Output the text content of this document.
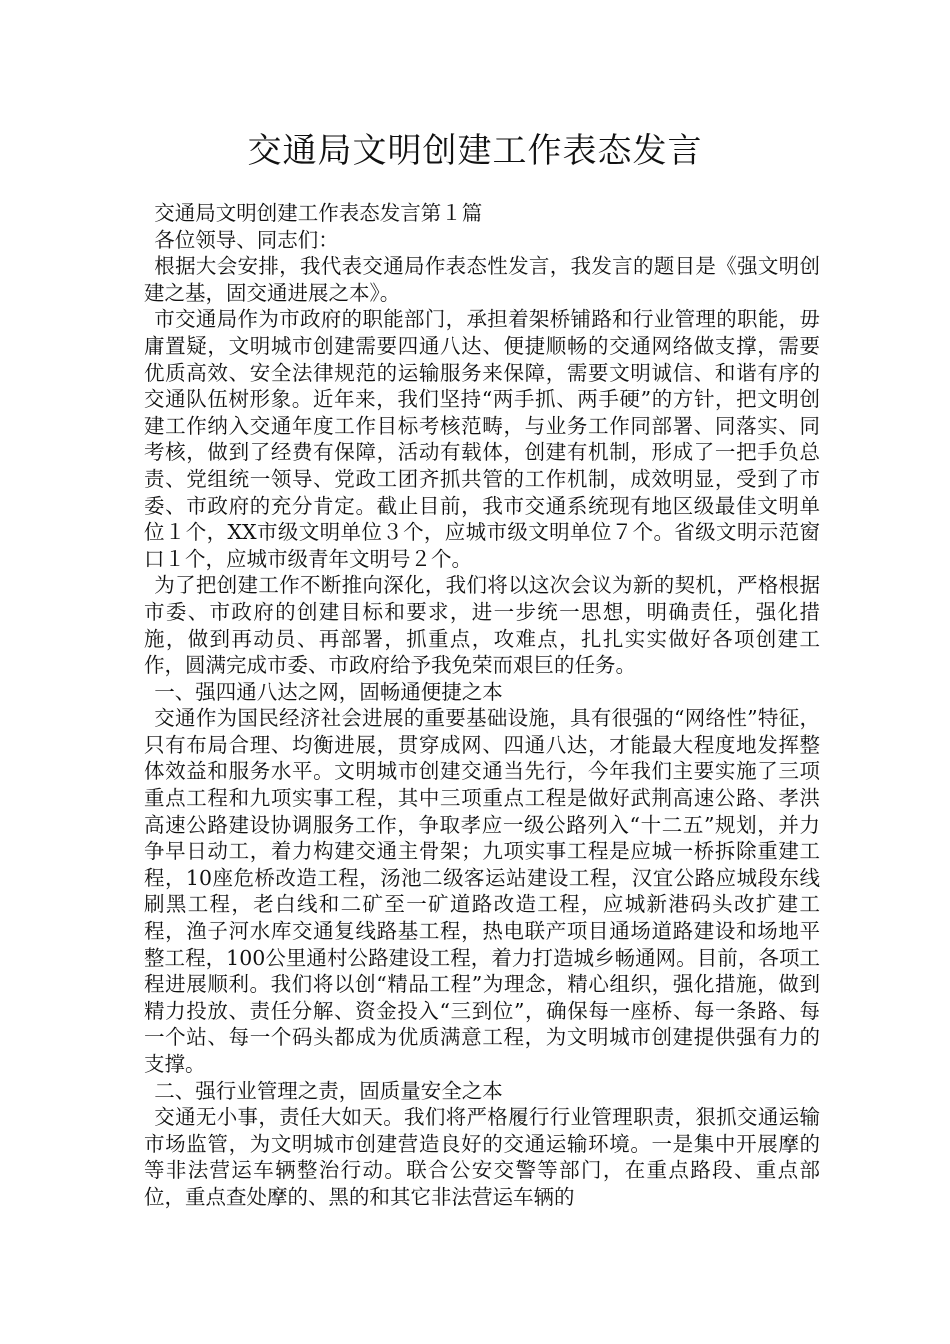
交通局文明创建工作表态发言

交通局文明创建工作表态发言第１篇

各位领导、同志们：

根据大会安排，我代表交通局作表态性发言，我发言的题目是《强文明创建之基，固交通进展之本》。

市交通局作为市政府的职能部门，承担着架桥铺路和行业管理的职能，毋庸置疑，文明城市创建需要四通八达、便捷顺畅的交通网络做支撑，需要优质高效、安全法律规范的运输服务来保障，需要文明诚信、和谐有序的交通队伍树形象。近年来，我们坚持“两手抓、两手硬”的方针，把文明创建工作纳入交通年度工作目标考核范畴，与业务工作同部署、同落实、同考核，做到了经费有保障，活动有载体，创建有机制，形成了一把手负总责、党组统一领导、党政工团齐抓共管的工作机制，成效明显，受到了市委、市政府的充分肯定。截止目前，我市交通系统现有地区级最佳文明单位１个，XX市级文明单位３个，应城市级文明单位７个。省级文明示范窗口１个，应城市级青年文明号２个。

为了把创建工作不断推向深化，我们将以这次会议为新的契机，严格根据市委、市政府的创建目标和要求，进一步统一思想，明确责任，强化措施，做到再动员、再部署，抓重点，攻难点，扎扎实实做好各项创建工作，圆满完成市委、市政府给予我免荣而艰巨的任务。

一、强四通八达之网，固畅通便捷之本

交通作为国民经济社会进展的重要基础设施，具有很强的“网络性”特征，只有布局合理、均衡进展，贯穿成网、四通八达，才能最大程度地发挥整体效益和服务水平。文明城市创建交通当先行，今年我们主要实施了三项重点工程和九项实事工程，其中三项重点工程是做好武荆高速公路、孝洪高速公路建设协调服务工作，争取孝应一级公路列入“十二五”规划，并力争早日动工，着力构建交通主骨架；九项实事工程是应城一桥拆除重建工程，10座危桥改造工程，汤池二级客运站建设工程，汉宜公路应城段东线刷黑工程，老白线和二矿至一矿道路改造工程，应城新港码头改扩建工程，渔子河水库交通复线路基工程，热电联产项目通场道路建设和场地平整工程，100公里通村公路建设工程，着力打造城乡畅通网。目前，各项工程进展顺利。我们将以创“精品工程”为理念，精心组织，强化措施，做到精力投放、责任分解、资金投入“三到位”，确保每一座桥、每一条路、每一个站、每一个码头都成为优质满意工程，为文明城市创建提供强有力的支撑。

二、强行业管理之责，固质量安全之本

交通无小事，责任大如天。我们将严格履行行业管理职责，狠抓交通运输市场监管，为文明城市创建营造良好的交通运输环境。一是集中开展摩的等非法营运车辆整治行动。联合公安交警等部门，在重点路段、重点部位，重点查处摩的、黑的和其它非法营运车辆的
